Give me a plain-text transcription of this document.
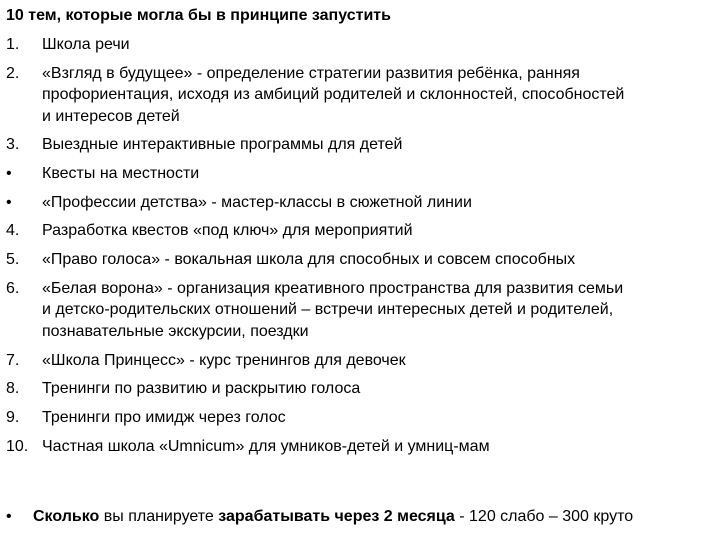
10 тем, которые могла бы в принципе запустить
1.	Школа речи
2.	«Взгляд в будущее» - определение стратегии развития ребёнка, ранняя
профориентация, исходя из амбиций родителей и склонностей, способностей
и интересов детей
3.	Выездные интерактивные программы для детей
•	Квесты на местности
•	«Профессии детства» - мастер-классы в сюжетной линии
4.	Разработка квестов «под ключ» для мероприятий
5.	«Право голоса» - вокальная школа для способных и совсем способных
6.	«Белая ворона» - организация креативного пространства для развития семьи
и детско-родительских отношений – встречи интересных детей и родителей,
познавательные экскурсии, поездки
7.	«Школа Принцесс» - курс тренингов для девочек
8.	Тренинги по развитию и раскрытию голоса
9.	Тренинги про имидж через голос
10. Частная школа «Umnicum» для умников-детей и умниц-мам
•	Сколько вы планируете зарабатывать через 2 месяца - 120 слабо – 300 круто
